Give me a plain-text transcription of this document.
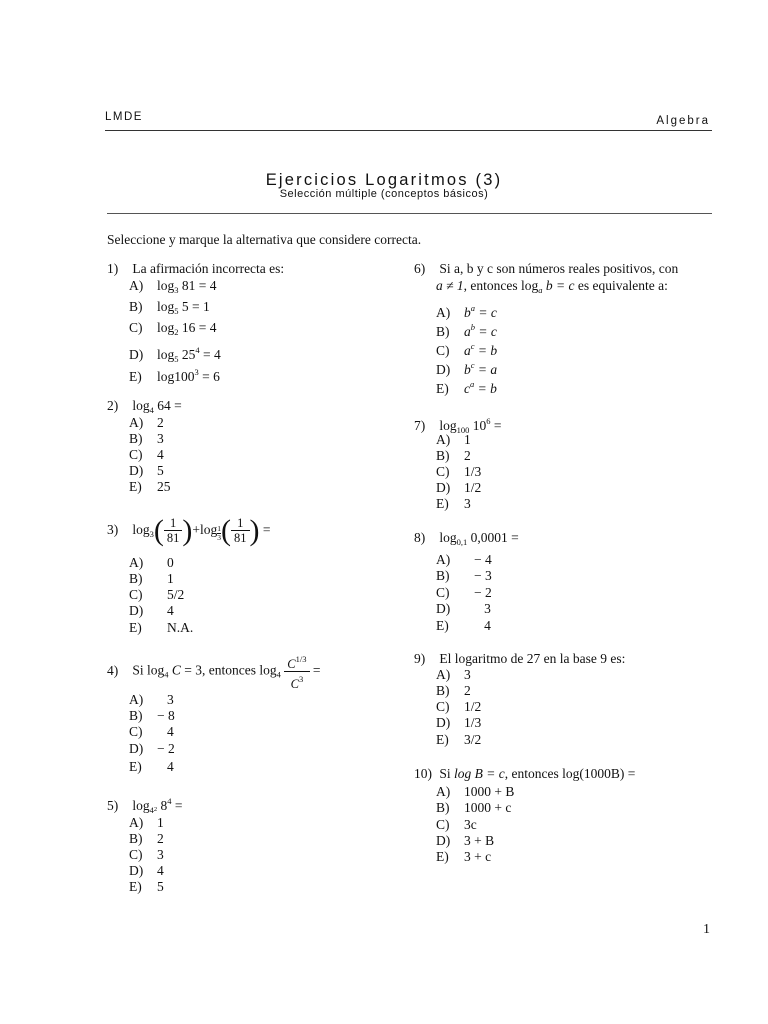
LMDE	Algebra
Ejercicios Logaritmos (3)
Selección múltiple (conceptos básicos)
Seleccione y marque la alternativa que considere correcta.
1) La afirmación incorrecta es:
A) $\log_3 81 = 4$
B) $\log_5 5 = 1$
C) $\log_2 16 = 4$
D) $\log_5 25^4 = 4$
E) $\log 100^3 = 6$
2) $\log_4 64$ =
A) 2
B) 3
C) 4
D) 5
E) 25
3) $\log_3( \frac{1}{81} )+\log \frac{1}{3}$ ( $\frac{1}{81}$ ) =
A) 0
B) 1
C) 5/2
D) 4
E) N.A.
4) Si $\log_4 C = 3$, entonces $\log_4 \frac{C^{1/3}}{C^3}$ =
A) 3
B) − 8
C) 4
D) − 2
E) 4
5) $\log_42$ $8^4$ =
A) 1
B) 2
C) 3
D) 4
E) 5
6) Si a, b y c son números reales positivos, con
a ≠ 1, entonces $\log_a b = c$ es equivalente a:
A) $b^a = c$
B) $a^b = c$
C) $a^c = b$
D) $b^c = a$
E) $c^a = b$
7) $\log_{100} 10^6$ =
A) 1
B) 2
C) 1/3
D) 1/2
E) 3
8) $\log_{0,1} 0,0001$ =
A) − 4
B) − 3
C) − 2
D)	3
E)	4
9) El logaritmo de 27 en la base 9 es:
A) 3
B) 2
C) 1/2
D) 1/3
E) 3/2
10) Si log B = c, entonces log(1000B) =
A) 1000 + B
B) 1000 + c
C) 3c
D) 3 + B
E) 3 + c
1
